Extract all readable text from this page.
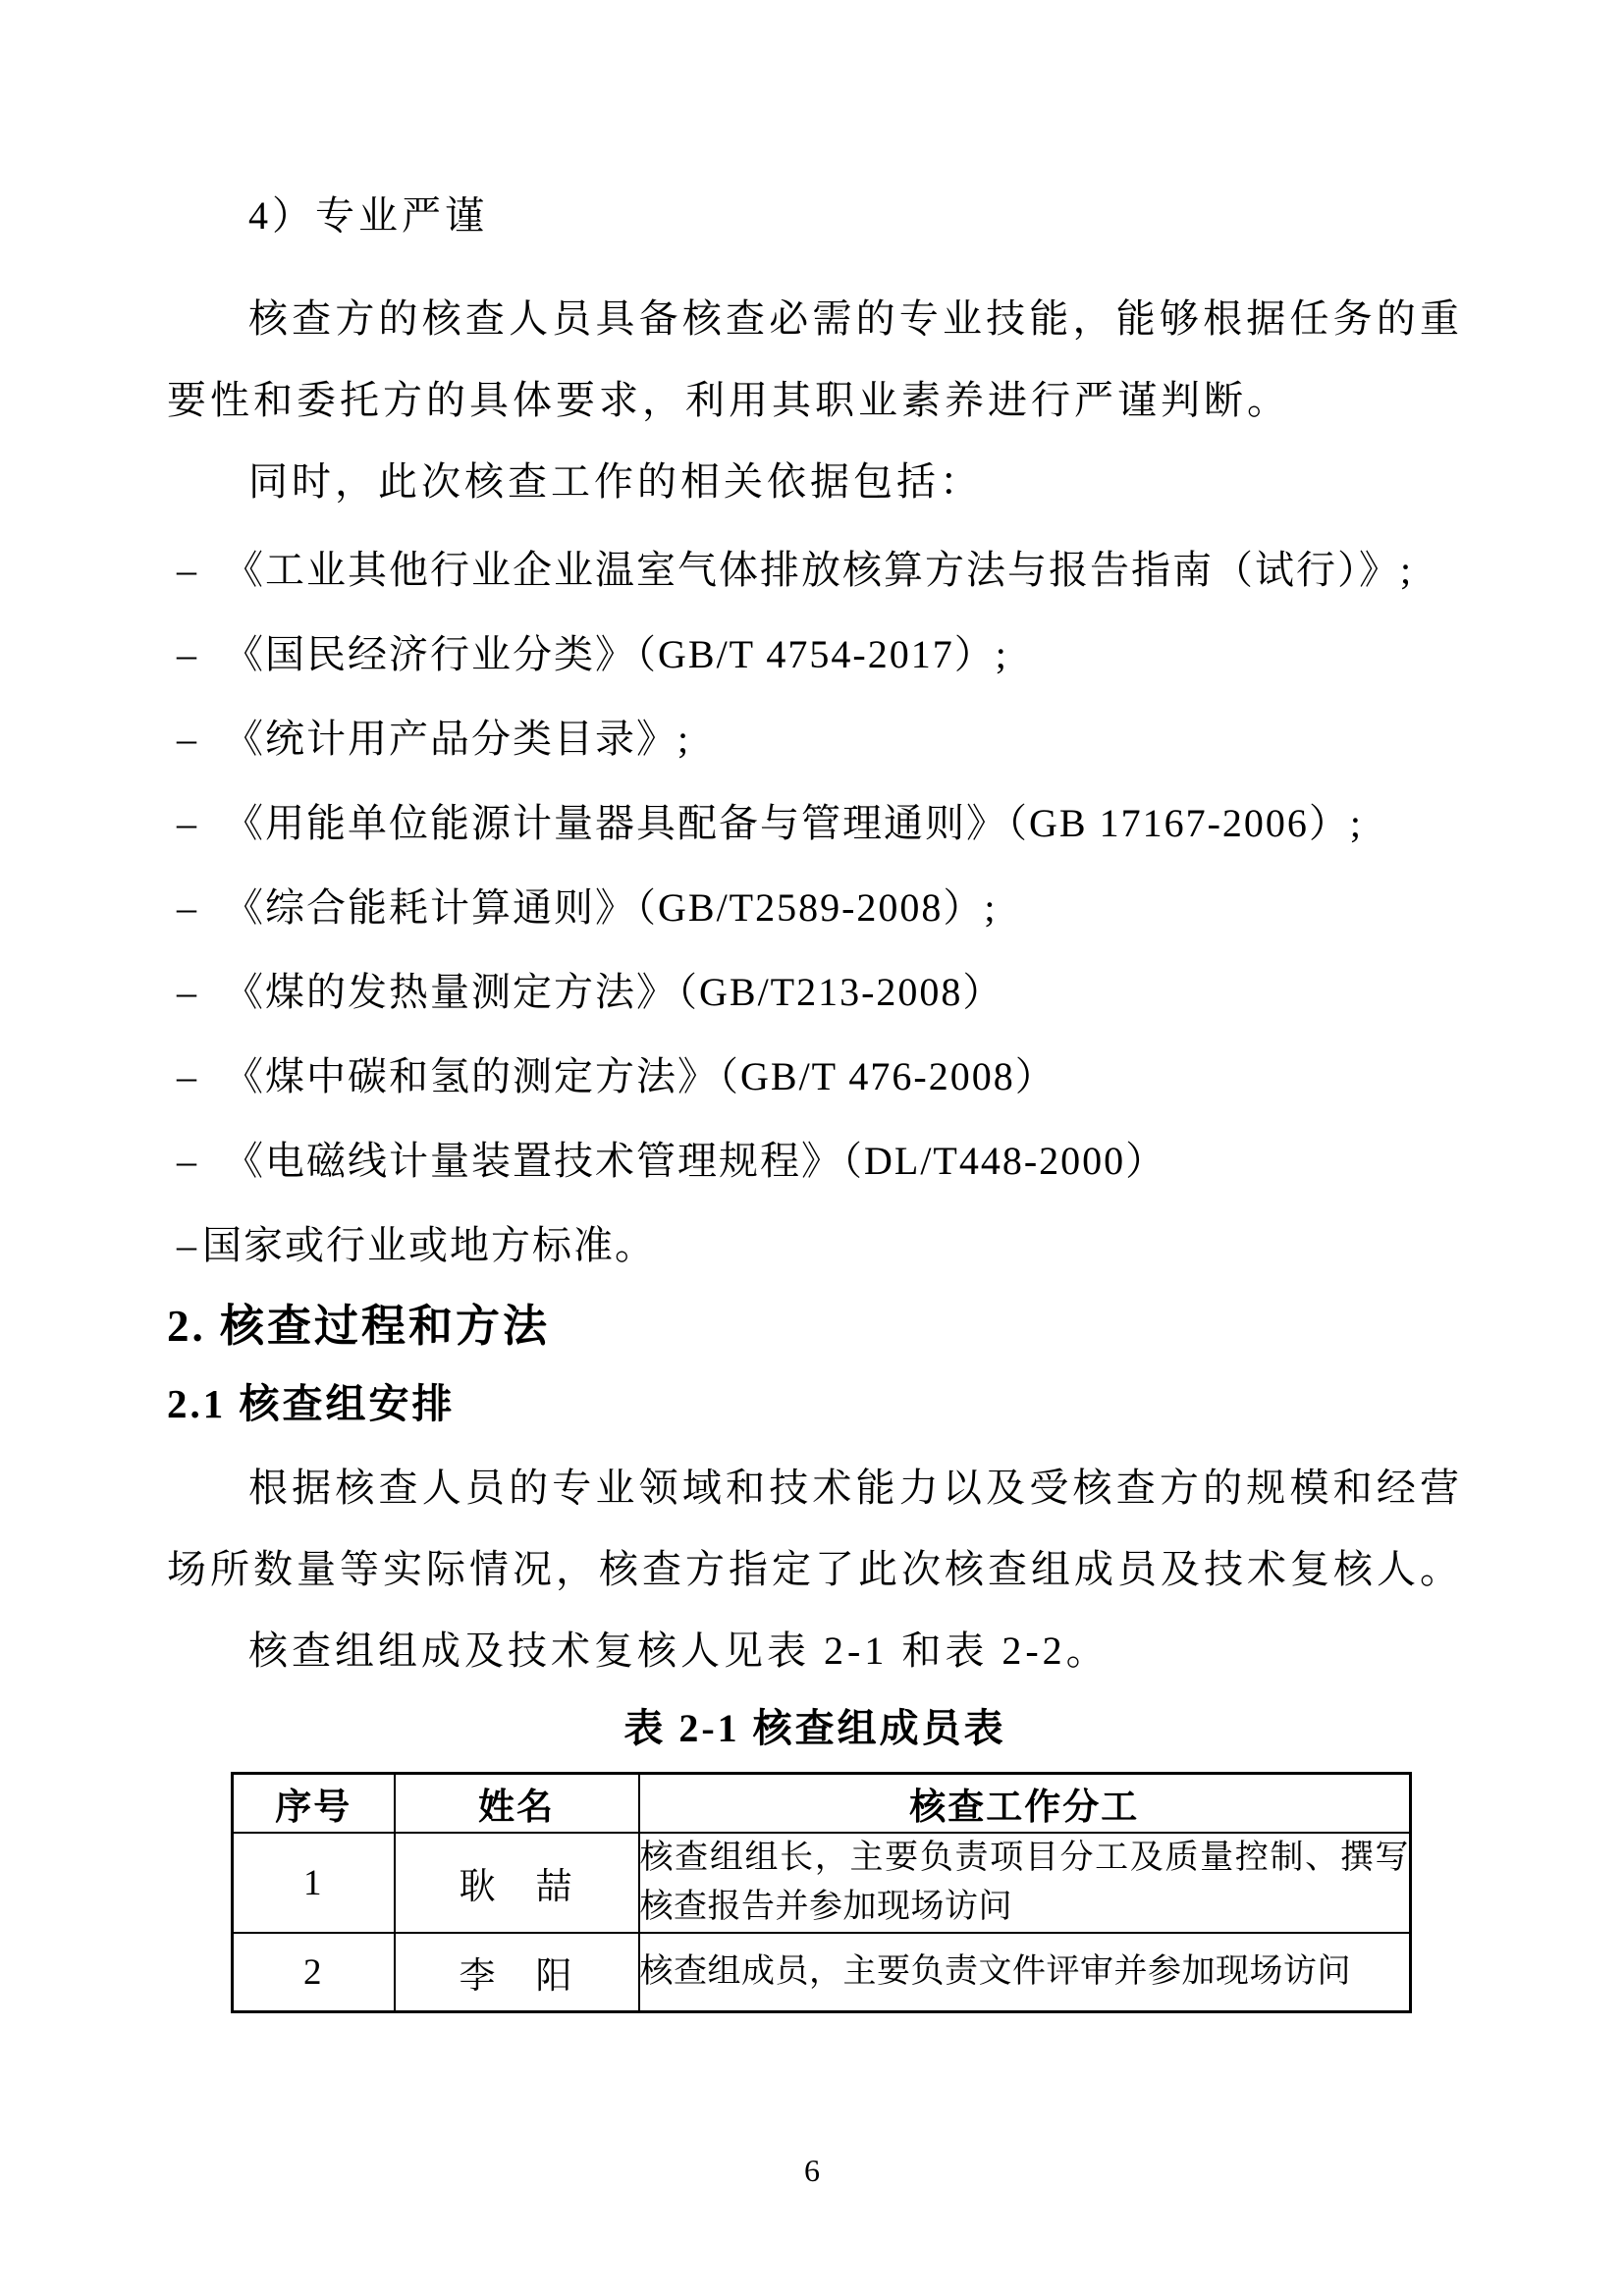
4）专业严谨

核查方的核查人员具备核查必需的专业技能，能够根据任务的重要性和委托方的具体要求，利用其职业素养进行严谨判断。

同时，此次核查工作的相关依据包括：

– 《工业其他行业企业温室气体排放核算方法与报告指南（试行）》;
– 《国民经济行业分类》（GB/T 4754-2017）;
– 《统计用产品分类目录》;
– 《用能单位能源计量器具配备与管理通则》（GB 17167-2006）;
– 《综合能耗计算通则》（GB/T2589-2008）;
– 《煤的发热量测定方法》（GB/T213-2008）
– 《煤中碳和氢的测定方法》（GB/T 476-2008）
– 《电磁线计量装置技术管理规程》（DL/T448-2000）
– 国家或行业或地方标准。
2. 核查过程和方法
2.1 核查组安排

根据核查人员的专业领域和技术能力以及受核查方的规模和经营场所数量等实际情况，核查方指定了此次核查组成员及技术复核人。

核查组组成及技术复核人见表 2-1 和表 2-2。

表 2-1 核查组成员表

序号	姓名	核查工作分工
1	耿　喆	核查组组长，主要负责项目分工及质量控制、撰写核查报告并参加现场访问
2	李　阳	核查组成员，主要负责文件评审并参加现场访问
6
